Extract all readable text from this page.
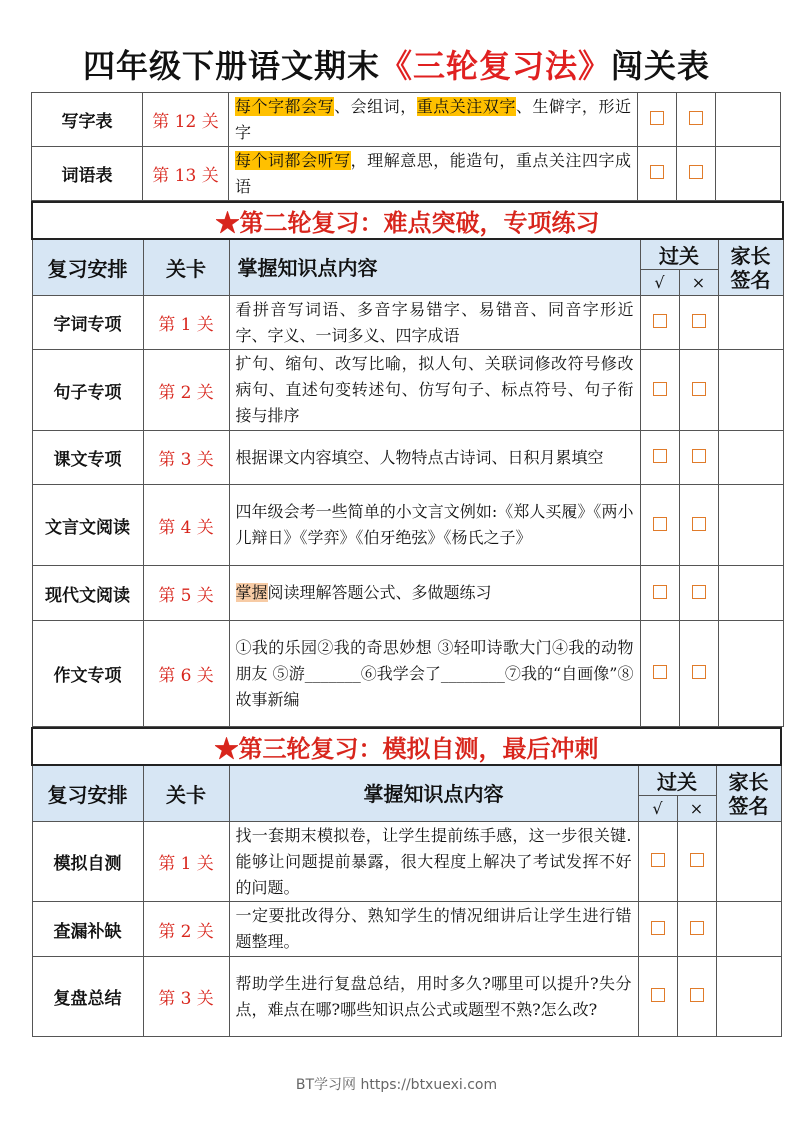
四年级下册语文期末《三轮复习法》闯关表
写字表	第 12 关	每个字都会写、会组词，重点关注双字、生僻字，形近字			
词语表	第 13 关	每个词都会听写，理解意思，能造句，重点关注四字成语			
★第二轮复习：难点突破，专项练习					
复习安排	关卡	掌握知识点内容	过关		家长
签名
			√	×	
字词专项	第 1 关	看拼音写词语、多音字易错字、易错音、同音字形近字、字义、一词多义、四字成语			
句子专项	第 2 关	扩句、缩句、改写比喻，拟人句、关联词修改符号修改病句、直述句变转述句、仿写句子、标点符号、句子衔接与排序			
课文专项	第 3 关	根据课文内容填空、人物特点古诗词、日积月累填空			
文言文阅读	第 4 关	四年级会考一些简单的小文言文例如:《郑人买履》《两小儿辩日》《学弈》《伯牙绝弦》《杨氏之子》			
现代文阅读	第 5 关	掌握阅读理解答题公式、多做题练习			
作文专项	第 6 关	①我的乐园②我的奇思妙想 ③轻叩诗歌大门④我的动物朋友 ⑤游_______⑥我学会了________⑦我的“自画像”⑧故事新编			
★第三轮复习：模拟自测，最后冲刺					
复习安排	关卡	掌握知识点内容	过关		家长
签名
			√	×	
模拟自测	第 1 关	找一套期末模拟卷，让学生提前练手感，这一步很关键.能够让问题提前暴露，很大程度上解决了考试发挥不好的问题。			
查漏补缺	第 2 关	一定要批改得分、熟知学生的情况细讲后让学生进行错题整理。			
复盘总结	第 3 关	帮助学生进行复盘总结，用时多久?哪里可以提升?失分点，难点在哪?哪些知识点公式或题型不熟?怎么改?			
BT学习网 https://btxuexi.com
